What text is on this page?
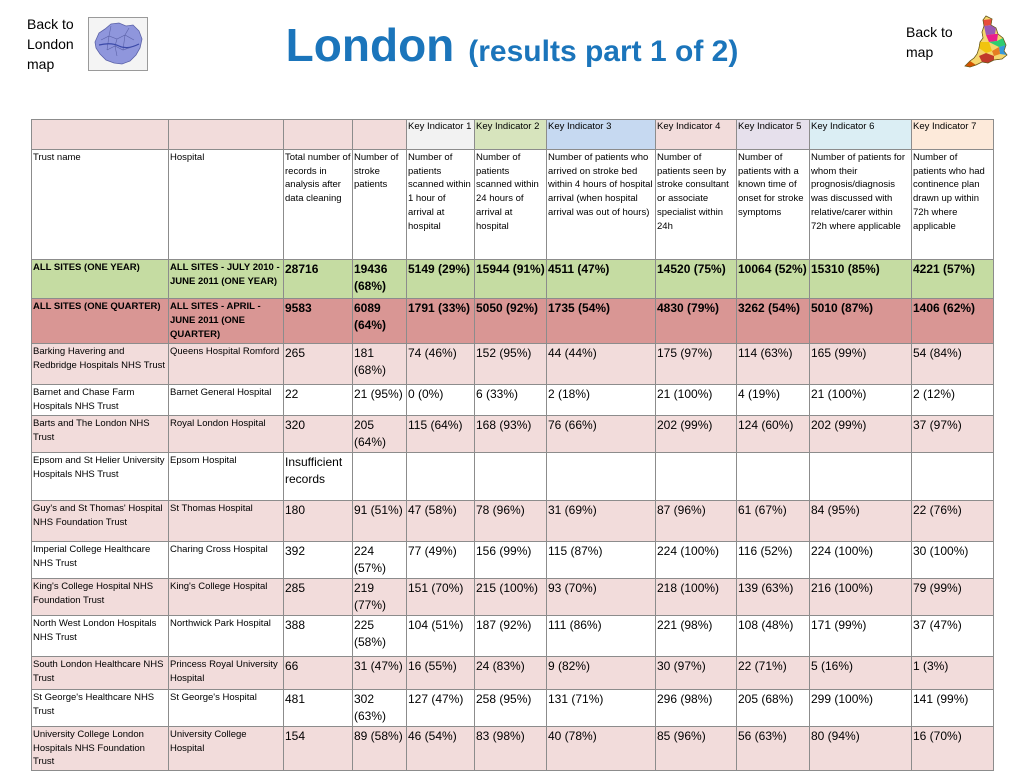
Back to
London
map	London (results part 1 of 2)
Back to
map
				Key Indicator 1	Key Indicator 2	Key Indicator 3	Key Indicator 4	Key Indicator 5	Key Indicator 6	Key Indicator 7
Trust name	Hospital	Total number of records in analysis after data cleaning	Number of stroke patients	Number of patients scanned within 1 hour of arrival at hospital	Number of patients scanned within 24 hours of arrival at hospital	Number of patients who arrived on stroke bed within 4 hours of hospital arrival (when hospital arrival was out of hours)	Number of patients seen by stroke consultant or associate specialist within 24h	Number of patients with a known time of onset for stroke symptoms	Number of patients for whom their prognosis/diagnosis was discussed with relative/carer within 72h where applicable	Number of patients who had continence plan drawn up within 72h where applicable
ALL SITES (ONE YEAR)	ALL SITES - JULY 2010 - JUNE 2011 (ONE YEAR)	28716	19436 (68%)	5149 (29%)	15944 (91%)	4511 (47%)	14520 (75%)	10064 (52%)	15310 (85%)	4221 (57%)
ALL SITES (ONE QUARTER)	ALL SITES - APRIL - JUNE 2011 (ONE QUARTER)	9583	6089 (64%)	1791 (33%)	5050 (92%)	1735 (54%)	4830 (79%)	3262 (54%)	5010 (87%)	1406 (62%)
Barking Havering and Redbridge Hospitals NHS Trust	Queens Hospital Romford	265	181 (68%)	74 (46%)	152 (95%)	44 (44%)	175 (97%)	114 (63%)	165 (99%)	54 (84%)
Barnet and Chase Farm Hospitals NHS Trust	Barnet General Hospital	22	21 (95%)	0 (0%)	6 (33%)	2 (18%)	21 (100%)	4 (19%)	21 (100%)	2 (12%)
Barts and The London NHS Trust	Royal London Hospital	320	205 (64%)	115 (64%)	168 (93%)	76 (66%)	202 (99%)	124 (60%)	202 (99%)	37 (97%)
Epsom and St Helier University Hospitals NHS Trust	Epsom Hospital	Insufficient records								
Guy's and St Thomas' Hospital NHS Foundation Trust	St Thomas Hospital	180	91 (51%)	47 (58%)	78 (96%)	31 (69%)	87 (96%)	61 (67%)	84 (95%)	22 (76%)
Imperial College Healthcare NHS Trust	Charing Cross Hospital	392	224 (57%)	77 (49%)	156 (99%)	115 (87%)	224 (100%)	116 (52%)	224 (100%)	30 (100%)
King's College Hospital NHS Foundation Trust	King's College Hospital	285	219 (77%)	151 (70%)	215 (100%)	93 (70%)	218 (100%)	139 (63%)	216 (100%)	79 (99%)
North West London Hospitals NHS Trust	Northwick Park Hospital	388	225 (58%)	104 (51%)	187 (92%)	111 (86%)	221 (98%)	108 (48%)	171 (99%)	37 (47%)
South London Healthcare NHS Trust	Princess Royal University Hospital	66	31 (47%)	16 (55%)	24 (83%)	9 (82%)	30 (97%)	22 (71%)	5 (16%)	1 (3%)
St George's Healthcare NHS Trust	St George's Hospital	481	302 (63%)	127 (47%)	258 (95%)	131 (71%)	296 (98%)	205 (68%)	299 (100%)	141 (99%)
University College London Hospitals NHS Foundation Trust	University College Hospital	154	89 (58%)	46 (54%)	83 (98%)	40 (78%)	85 (96%)	56 (63%)	80 (94%)	16 (70%)
